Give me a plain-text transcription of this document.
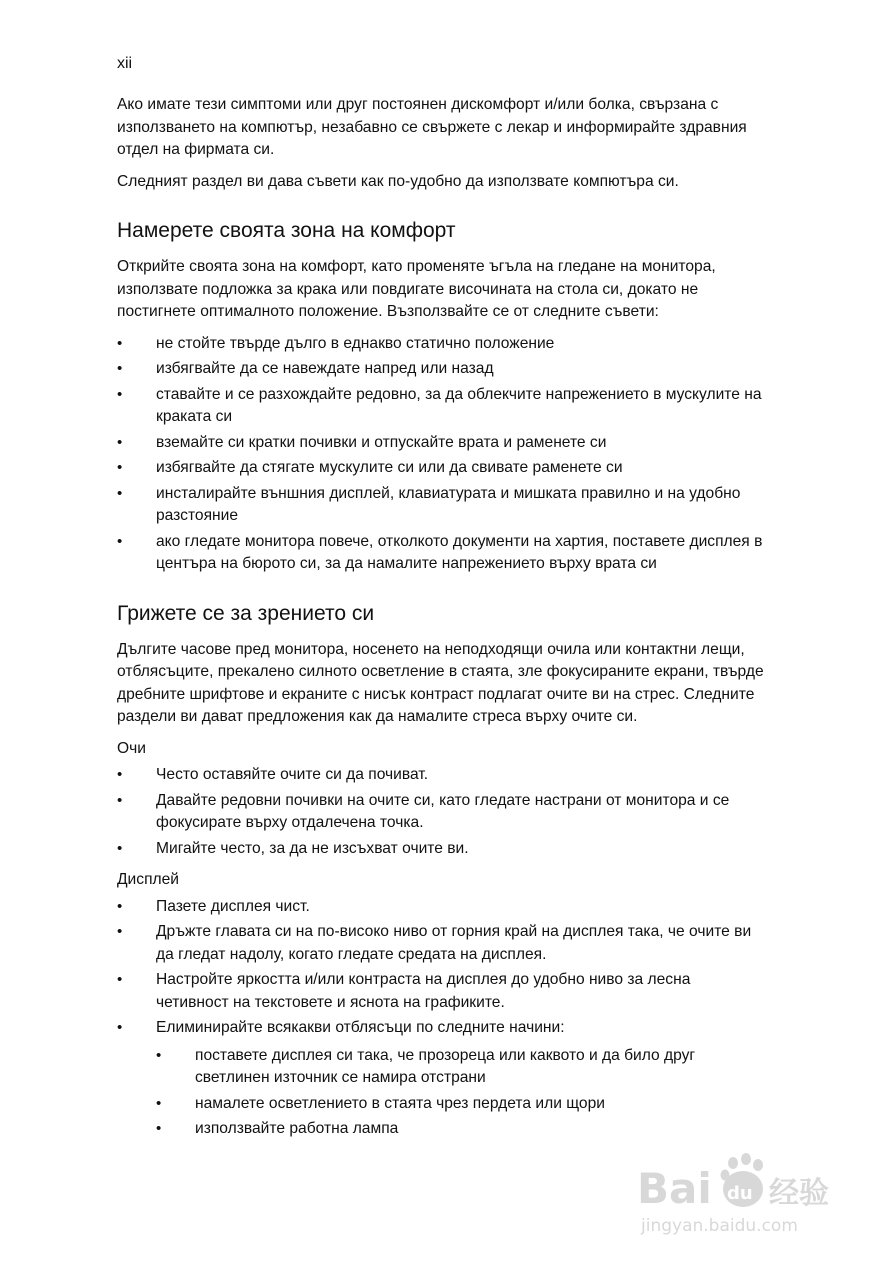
xii

Ако имате тези симптоми или друг постоянен дискомфорт и/или болка, свързана с използването на компютър, незабавно се свържете с лекар и информирайте здравния отдел на фирмата си.

Следният раздел ви дава съвети как по-удобно да използвате компютъра си.

Намерете своята зона на комфорт

Открийте своята зона на комфорт, като променяте ъгъла на гледане на монитора, използвате подложка за крака или повдигате височината на стола си, докато не постигнете оптималното положение. Възползвайте се от следните съвети:

• не стойте твърде дълго в еднакво статично положение
• избягвайте да се навеждате напред или назад
• ставайте и се разхождайте редовно, за да облекчите напрежението в мускулите на краката си
• вземайте си кратки почивки и отпускайте врата и раменете си
• избягвайте да стягате мускулите си или да свивате раменете си
• инсталирайте външния дисплей, клавиатурата и мишката правилно и на удобно разстояние
• ако гледате монитора повече, отколкото документи на хартия, поставете дисплея в центъра на бюрото си, за да намалите напрежението върху врата си
Грижете се за зрението си

Дългите часове пред монитора, носенето на неподходящи очила или контактни лещи, отблясъците, прекалено силното осветление в стаята, зле фокусираните екрани, твърде дребните шрифтове и екраните с нисък контраст подлагат очите ви на стрес. Следните раздели ви дават предложения как да намалите стреса върху очите си.

Очи
• Често оставяйте очите си да почиват.
• Давайте редовни почивки на очите си, като гледате настрани от монитора и се фокусирате върху отдалечена точка.
• Мигайте често, за да не изсъхват очите ви.
Дисплей
• Пазете дисплея чист.
• Дръжте главата си на по-високо ниво от горния край на дисплея така, че очите ви да гледат надолу, когато гледате средата на дисплея.
• Настройте яркостта и/или контраста на дисплея до удобно ниво за лесна четивност на текстовете и яснота на графиките.
• Елиминирайте всякакви отблясъци по следните начини:
• поставете дисплея си така, че прозореца или каквото и да било друг светлинен източник се намира отстрани
• намалете осветлението в стаята чрез пердета или щори
• използвайте работна лампа
Bai du 经验
jingyan.baidu.com
